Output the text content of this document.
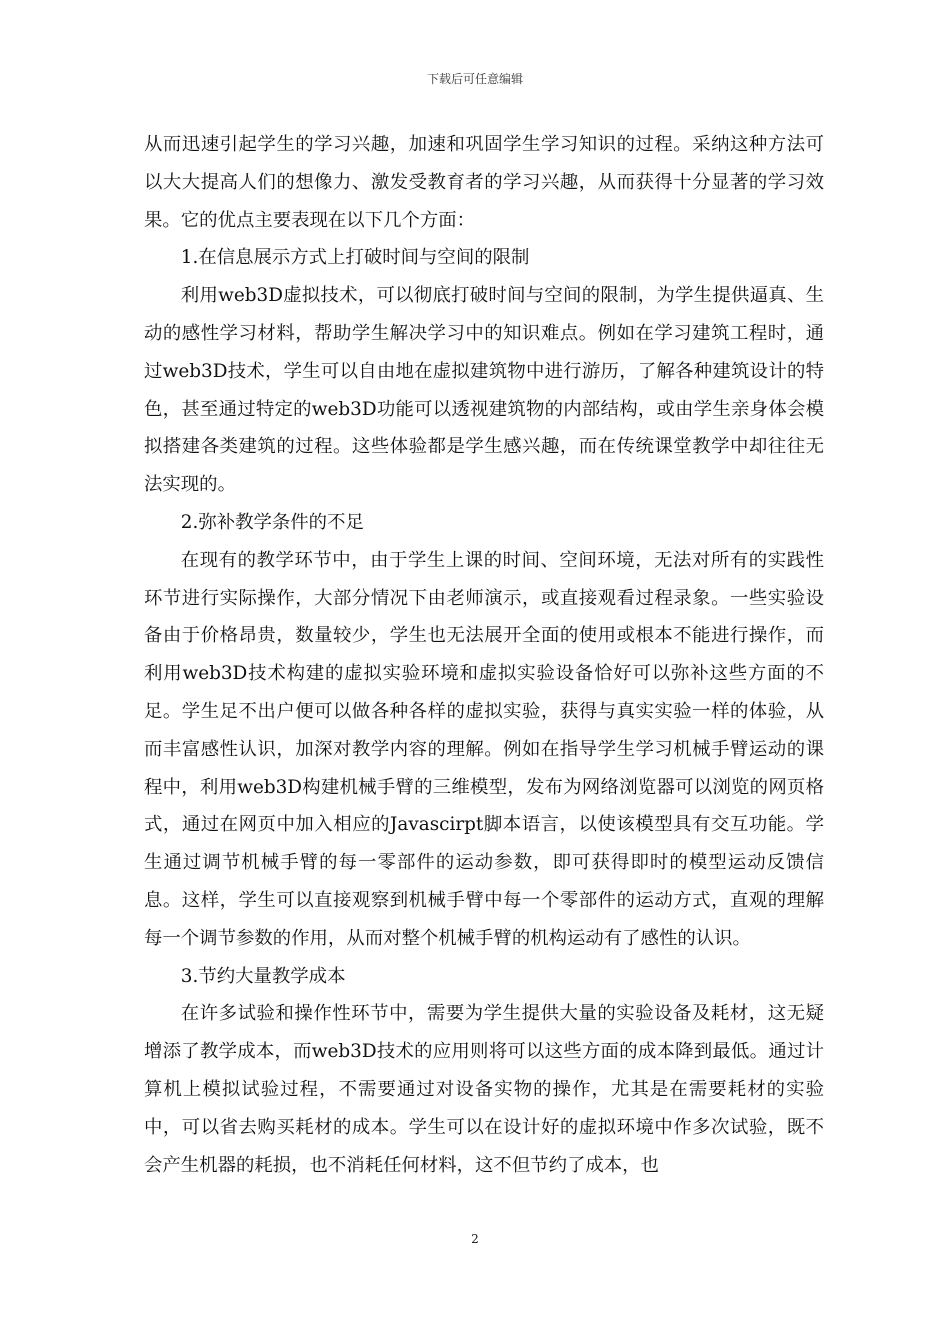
下载后可任意编辑

从而迅速引起学生的学习兴趣，加速和巩固学生学习知识的过程。采纳这种方法可以大大提高人们的想像力、激发受教育者的学习兴趣，从而获得十分显著的学习效果。它的优点主要表现在以下几个方面：

1.在信息展示方式上打破时间与空间的限制

利用web3D虚拟技术，可以彻底打破时间与空间的限制，为学生提供逼真、生动的感性学习材料，帮助学生解决学习中的知识难点。例如在学习建筑工程时，通过web3D技术，学生可以自由地在虚拟建筑物中进行游历，了解各种建筑设计的特色，甚至通过特定的web3D功能可以透视建筑物的内部结构，或由学生亲身体会模拟搭建各类建筑的过程。这些体验都是学生感兴趣，而在传统课堂教学中却往往无法实现的。

2.弥补教学条件的不足

在现有的教学环节中，由于学生上课的时间、空间环境，无法对所有的实践性环节进行实际操作，大部分情况下由老师演示，或直接观看过程录象。一些实验设备由于价格昂贵，数量较少，学生也无法展开全面的使用或根本不能进行操作，而利用web3D技术构建的虚拟实验环境和虚拟实验设备恰好可以弥补这些方面的不足。学生足不出户便可以做各种各样的虚拟实验，获得与真实实验一样的体验，从而丰富感性认识，加深对教学内容的理解。例如在指导学生学习机械手臂运动的课程中，利用web3D构建机械手臂的三维模型，发布为网络浏览器可以浏览的网页格式，通过在网页中加入相应的Javascirpt脚本语言，以使该模型具有交互功能。学生通过调节机械手臂的每一零部件的运动参数，即可获得即时的模型运动反馈信息。这样，学生可以直接观察到机械手臂中每一个零部件的运动方式，直观的理解每一个调节参数的作用，从而对整个机械手臂的机构运动有了感性的认识。

3.节约大量教学成本

在许多试验和操作性环节中，需要为学生提供大量的实验设备及耗材，这无疑增添了教学成本，而web3D技术的应用则将可以这些方面的成本降到最低。通过计算机上模拟试验过程，不需要通过对设备实物的操作，尤其是在需要耗材的实验中，可以省去购买耗材的成本。学生可以在设计好的虚拟环境中作多次试验，既不会产生机器的耗损，也不消耗任何材料，这不但节约了成本，也

2
